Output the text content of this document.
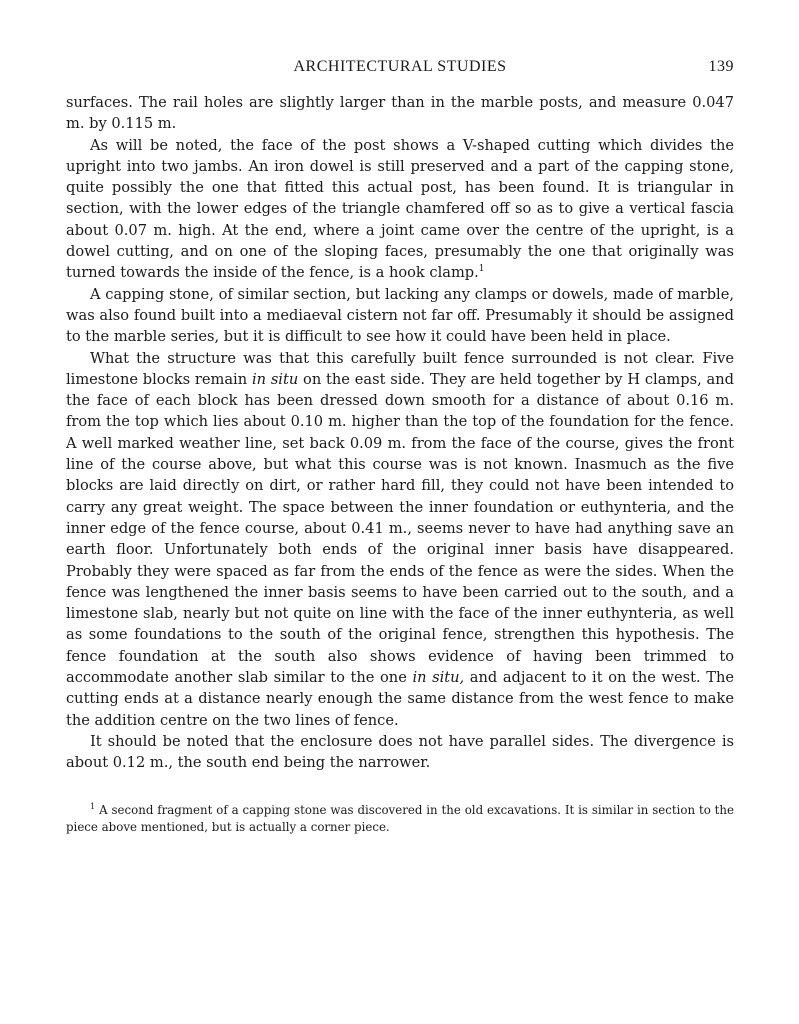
ARCHITECTURAL STUDIES	139

surfaces. The rail holes are slightly larger than in the marble posts, and measure 0.047 m. by 0.115 m.

As will be noted, the face of the post shows a V-shaped cutting which divides the upright into two jambs. An iron dowel is still preserved and a part of the capping stone, quite possibly the one that fitted this actual post, has been found. It is triangular in section, with the lower edges of the triangle chamfered off so as to give a vertical fascia about 0.07 m. high. At the end, where a joint came over the centre of the upright, is a dowel cutting, and on one of the sloping faces, presumably the one that originally was turned towards the inside of the fence, is a hook clamp.$^1$

A capping stone, of similar section, but lacking any clamps or dowels, made of marble, was also found built into a mediaeval cistern not far off. Presumably it should be assigned to the marble series, but it is difficult to see how it could have been held in place.

What the structure was that this carefully built fence surrounded is not clear. Five limestone blocks remain in situ on the east side. They are held together by H clamps, and the face of each block has been dressed down smooth for a distance of about 0.16 m. from the top which lies about 0.10 m. higher than the top of the foundation for the fence. A well marked weather line, set back 0.09 m. from the face of the course, gives the front line of the course above, but what this course was is not known. Inasmuch as the five blocks are laid directly on dirt, or rather hard fill, they could not have been intended to carry any great weight. The space between the inner foundation or euthynteria, and the inner edge of the fence course, about 0.41 m., seems never to have had anything save an earth floor. Unfortunately both ends of the original inner basis have disappeared. Probably they were spaced as far from the ends of the fence as were the sides. When the fence was lengthened the inner basis seems to have been carried out to the south, and a limestone slab, nearly but not quite on line with the face of the inner euthynteria, as well as some foundations to the south of the original fence, strengthen this hypothesis. The fence foundation at the south also shows evidence of having been trimmed to accommodate another slab similar to the one in situ, and adjacent to it on the west. The cutting ends at a distance nearly enough the same distance from the west fence to make the addition centre on the two lines of fence.

It should be noted that the enclosure does not have parallel sides. The divergence is about 0.12 m., the south end being the narrower.

$^1$ A second fragment of a capping stone was discovered in the old excavations. It is similar in section to the piece above mentioned, but is actually a corner piece.
